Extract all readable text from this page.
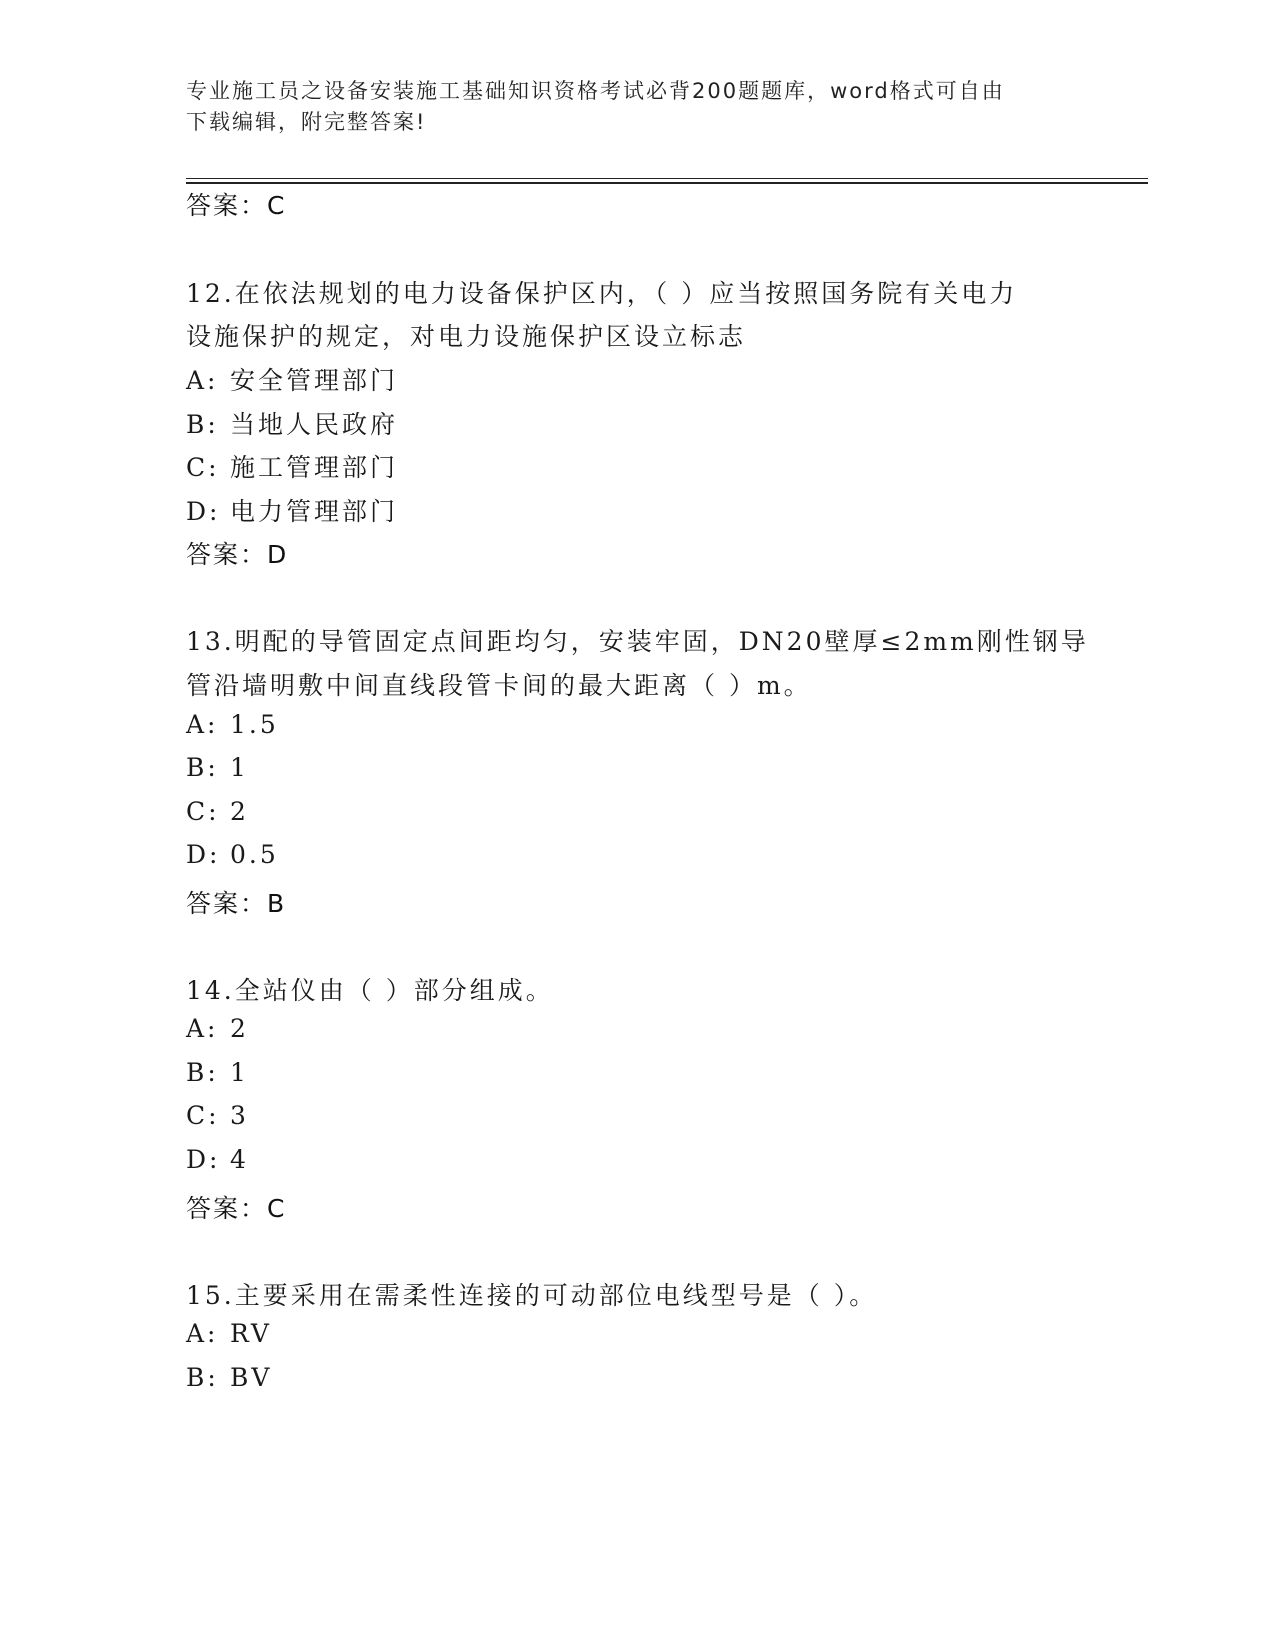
专业施工员之设备安装施工基础知识资格考试必背200题题库，word格式可自由
下载编辑，附完整答案!
答案：C
12.在依法规划的电力设备保护区内，（ ）应当按照国务院有关电力
设施保护的规定，对电力设施保护区设立标志
A: 安全管理部门
B: 当地人民政府
C: 施工管理部门
D: 电力管理部门
答案：D
13.明配的导管固定点间距均匀，安装牢固，DN20壁厚≤2mm刚性钢导
管沿墙明敷中间直线段管卡间的最大距离（ ）m。
A: 1.5
B: 1
C: 2
D: 0.5
答案：B
14.全站仪由（ ）部分组成。
A: 2
B: 1
C: 3
D: 4
答案：C
15.主要采用在需柔性连接的可动部位电线型号是（ ）。
A: RV
B: BV
